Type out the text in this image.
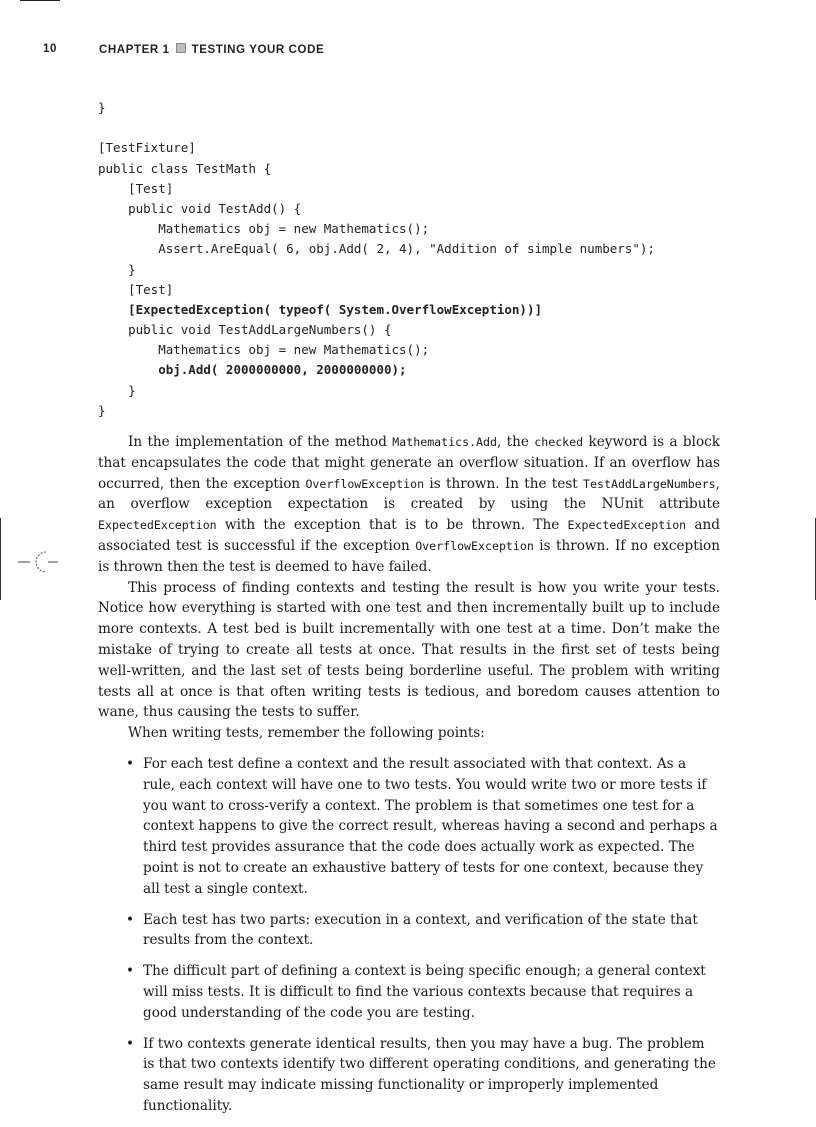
10	CHAPTER 1 TESTING YOUR CODE
}
[TestFixture]
public class TestMath {
[Test]
public void TestAdd() {
Mathematics obj = new Mathematics();
Assert.AreEqual( 6, obj.Add( 2, 4), "Addition of simple numbers");
}
[Test]
[ExpectedException( typeof( System.OverflowException))]
public void TestAddLargeNumbers() {
Mathematics obj = new Mathematics();
obj.Add( 2000000000, 2000000000);
}
}

In the implementation of the method Mathematics.Add, the checked keyword is a block that encapsulates the code that might generate an overflow situation. If an overflow has occurred, then the exception OverflowException is thrown. In the test TestAddLargeNumbers, an overflow exception expectation is created by using the NUnit attribute ExpectedException with the exception that is to be thrown. The ExpectedException and associated test is successful if the exception OverflowException is thrown. If no exception is thrown then the test is deemed to have failed.

This process of finding contexts and testing the result is how you write your tests. Notice how everything is started with one test and then incrementally built up to include more contexts. A test bed is built incrementally with one test at a time. Don’t make the mistake of trying to create all tests at once. That results in the first set of tests being well-written, and the last set of tests being borderline useful. The problem with writing tests all at once is that often writing tests is tedious, and boredom causes attention to wane, thus causing the tests to suffer.

When writing tests, remember the following points:

• For each test define a context and the result associated with that context. As a rule, each context will have one to two tests. You would write two or more tests if you want to cross-verify a context. The problem is that sometimes one test for a context happens to give the correct result, whereas having a second and perhaps a third test provides assurance that the code does actually work as expected. The point is not to create an exhaustive battery of tests for one context, because they all test a single context.
• Each test has two parts: execution in a context, and verification of the state that results from the context.
• The difficult part of defining a context is being specific enough; a general context will miss tests. It is difficult to find the various contexts because that requires a good understanding of the code you are testing.
• If two contexts generate identical results, then you may have a bug. The problem is that two contexts identify two different operating conditions, and generating the same result may indicate missing functionality or improperly implemented functionality.
